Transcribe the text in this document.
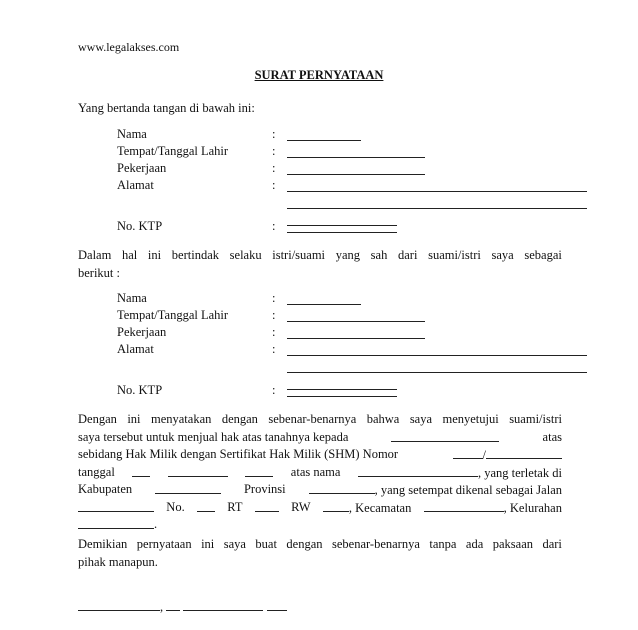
www.legalakses.com
SURAT PERNYATAAN
Yang bertanda tangan di bawah ini:
Nama	:
Tempat/Tanggal Lahir	:
Pekerjaan	:
Alamat	:
No. KTP	:
Dalam hal ini bertindak selaku istri/suami yang sah dari suami/istri saya sebagai
berikut :
Nama	:
Tempat/Tanggal Lahir	:
Pekerjaan	:
Alamat	:
No. KTP	:
Dengan ini menyatakan dengan sebenar-benarnya bahwa saya menyetujui suami/istri
saya tersebut untuk menjual hak atas tanahnya kepada	atas
sebidang Hak Milik dengan Sertifikat Hak Milik (SHM) Nomor	/
tanggal	atas nama	, yang terletak di
Kabupaten	Provinsi	, yang setempat dikenal sebagai Jalan
No.	RT	RW	, Kecamatan	, Kelurahan
.
Demikian pernyataan ini saya buat dengan sebenar-benarnya tanpa ada paksaan dari
pihak manapun.
,
